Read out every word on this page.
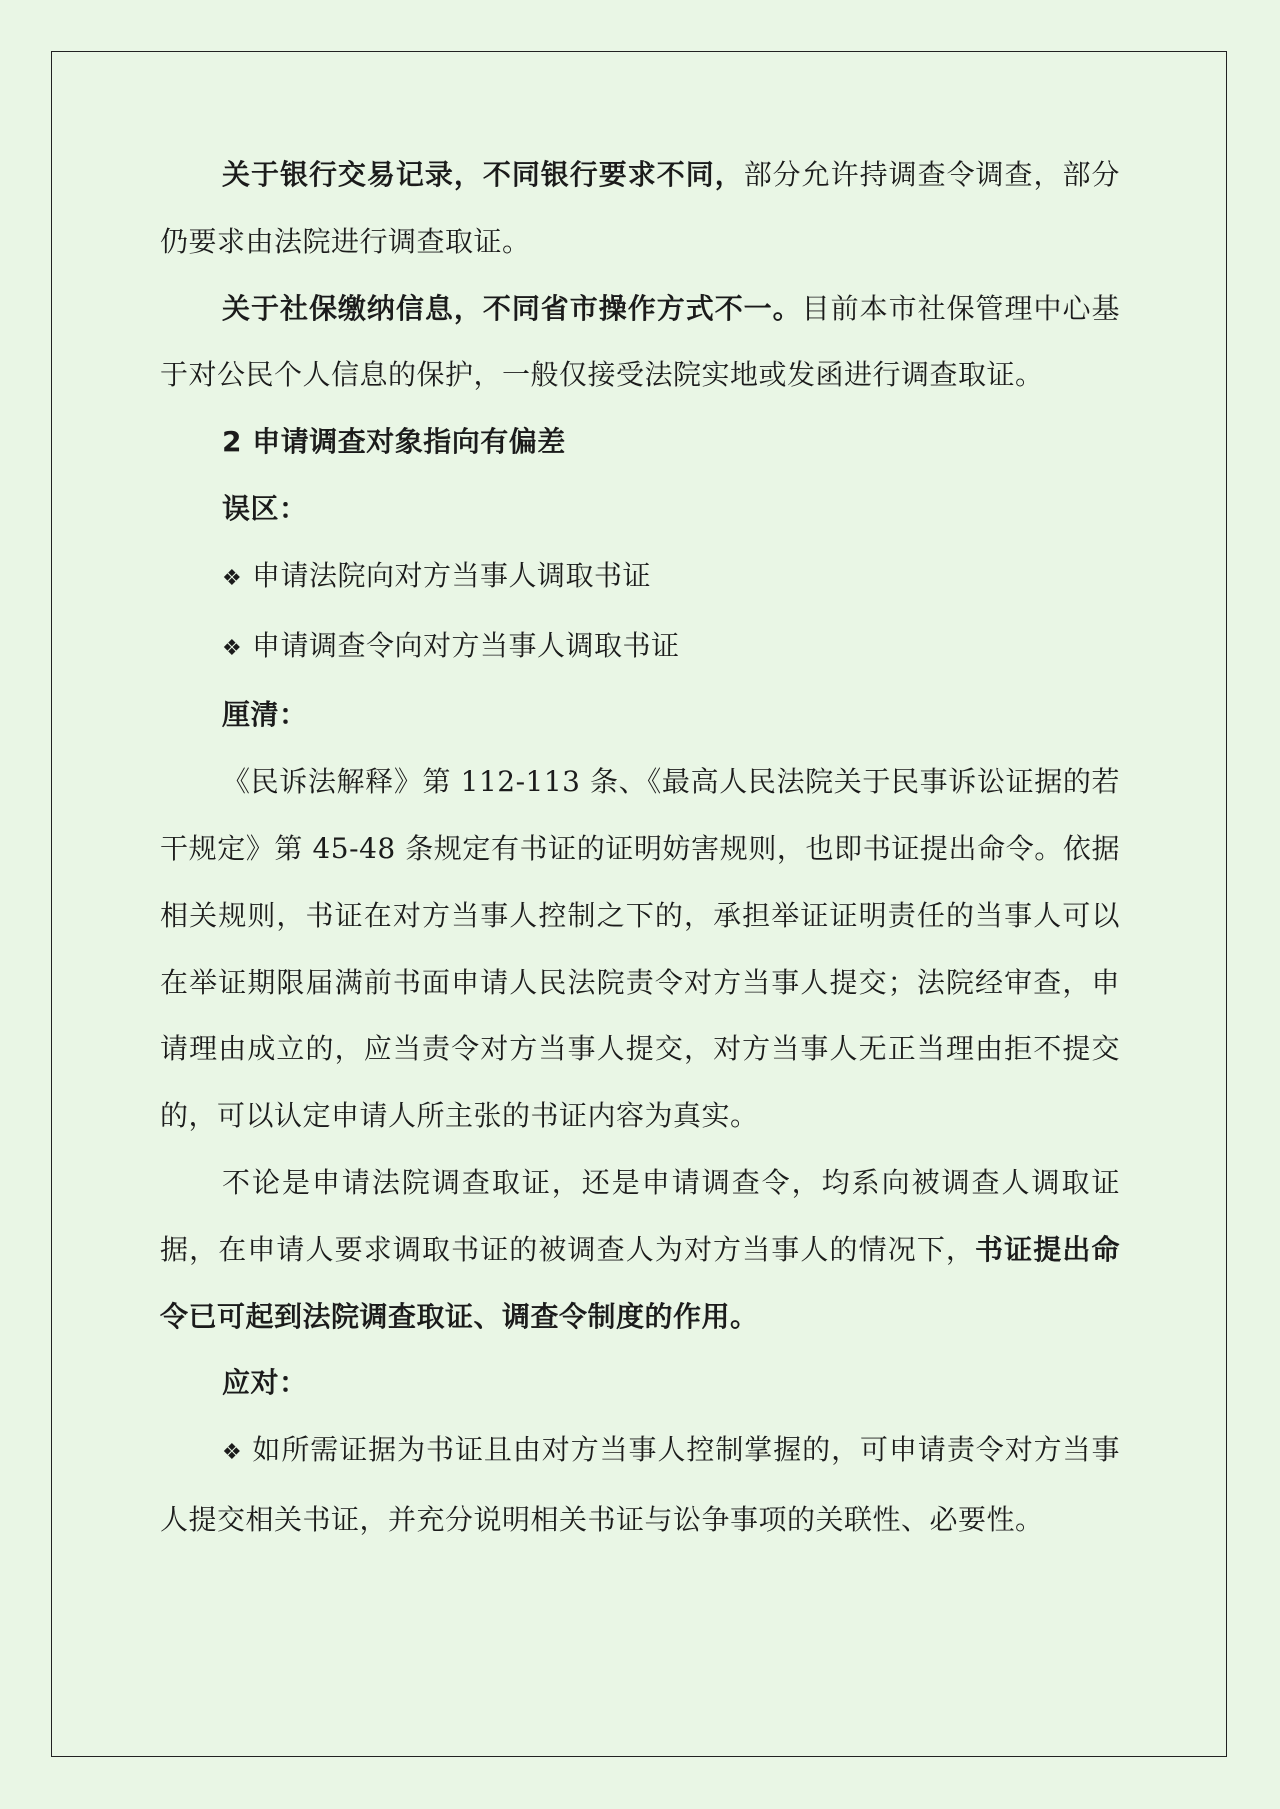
关于银行交易记录，不同银行要求不同，部分允许持调查令调查，部分仍要求由法院进行调查取证。

关于社保缴纳信息，不同省市操作方式不一。目前本市社保管理中心基于对公民个人信息的保护，一般仅接受法院实地或发函进行调查取证。

2 申请调查对象指向有偏差

误区：

❖ 申请法院向对方当事人调取书证

❖ 申请调查令向对方当事人调取书证

厘清：

《民诉法解释》第 112-113 条、《最高人民法院关于民事诉讼证据的若干规定》第 45-48 条规定有书证的证明妨害规则，也即书证提出命令。依据相关规则，书证在对方当事人控制之下的，承担举证证明责任的当事人可以在举证期限届满前书面申请人民法院责令对方当事人提交；法院经审查，申请理由成立的，应当责令对方当事人提交，对方当事人无正当理由拒不提交的，可以认定申请人所主张的书证内容为真实。

不论是申请法院调查取证，还是申请调查令，均系向被调查人调取证据，在申请人要求调取书证的被调查人为对方当事人的情况下，书证提出命令已可起到法院调查取证、调查令制度的作用。

应对：

❖ 如所需证据为书证且由对方当事人控制掌握的，可申请责令对方当事人提交相关书证，并充分说明相关书证与讼争事项的关联性、必要性。
